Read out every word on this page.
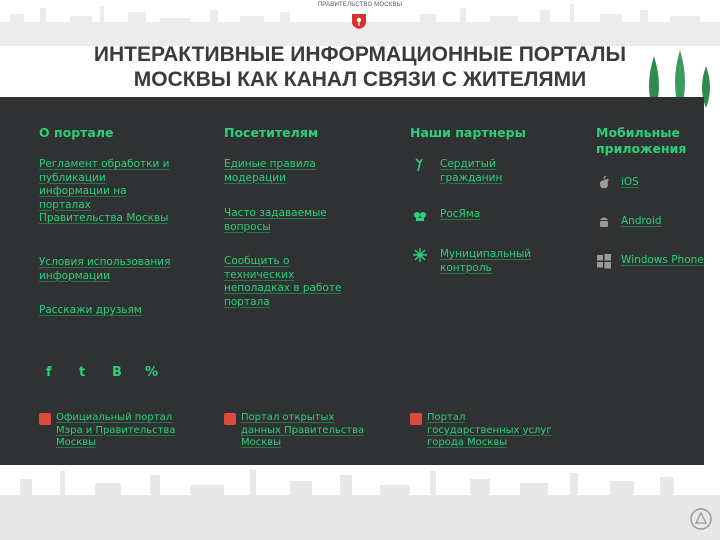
ПРАВИТЕЛЬСТВО МОСКВЫ
ИНТЕРАКТИВНЫЕ ИНФОРМАЦИОННЫЕ ПОРТАЛЫ
МОСКВЫ КАК КАНАЛ СВЯЗИ С ЖИТЕЛЯМИ
О портале
Регламент обработки и
публикации
информации на
порталах
Правительства Москвы
Условия использования
информации
Расскажи друзьям
Посетителям
Единые правила
модерации
Часто задаваемые
вопросы
Сообщить о
технических
неполадках в работе
портала
Наши партнеры
Сердитый
гражданин
РосЯма
Муниципальный
контроль
Мобильные
приложения
iOS
Android
Windows Phone
f t B %
Официальный портал
Мэра и Правительства
Москвы
Портал открытых
данных Правительства
Москвы
Портал
государственных услуг
города Москвы
